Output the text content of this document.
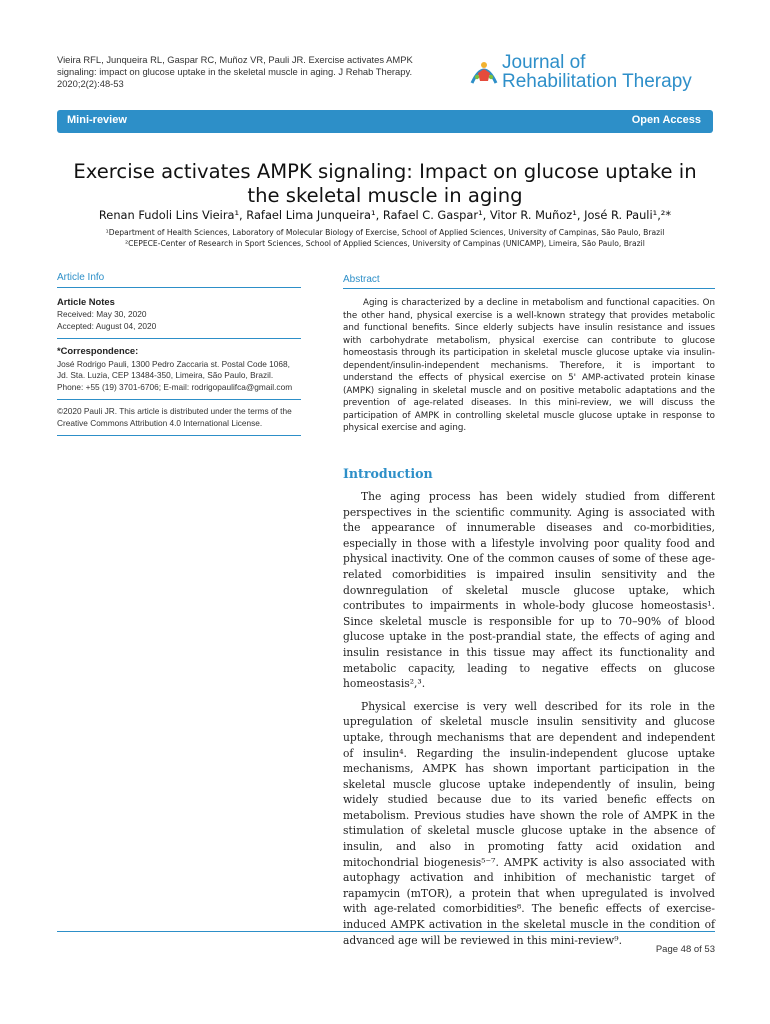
Vieira RFL, Junqueira RL, Gaspar RC, Muñoz VR, Pauli JR. Exercise activates AMPK signaling: impact on glucose uptake in the skeletal muscle in aging. J Rehab Therapy. 2020;2(2):48-53
Journal of
Rehabilitation Therapy
Mini-review	Open Access
Exercise activates AMPK signaling: Impact on glucose uptake in the skeletal muscle in aging
Renan Fudoli Lins Vieira¹, Rafael Lima Junqueira¹, Rafael C. Gaspar¹, Vitor R. Muñoz¹, José R. Pauli¹,²*
¹Department of Health Sciences, Laboratory of Molecular Biology of Exercise, School of Applied Sciences, University of Campinas, São Paulo, Brazil
²CEPECE-Center of Research in Sport Sciences, School of Applied Sciences, University of Campinas (UNICAMP), Limeira, São Paulo, Brazil
Article Info
Article Notes

Received: May 30, 2020

Accepted: August 04, 2020

*Correspondence:

José Rodrigo Pauli, 1300 Pedro Zaccaria st. Postal Code 1068, Jd. Sta. Luzia, CEP 13484-350, Limeira, São Paulo, Brazil. Phone: +55 (19) 3701-6706; E-mail: rodrigopaulifca@gmail.com

©2020 Pauli JR. This article is distributed under the terms of the Creative Commons Attribution 4.0 International License.

Abstract
Aging is characterized by a decline in metabolism and functional capacities. On the other hand, physical exercise is a well-known strategy that provides metabolic and functional benefits. Since elderly subjects have insulin resistance and issues with carbohydrate metabolism, physical exercise can contribute to glucose homeostasis through its participation in skeletal muscle glucose uptake via insulin-dependent/insulin-independent mechanisms. Therefore, it is important to understand the effects of physical exercise on 5' AMP-activated protein kinase (AMPK) signaling in skeletal muscle and on positive metabolic adaptations and the prevention of age-related diseases. In this mini-review, we will discuss the participation of AMPK in controlling skeletal muscle glucose uptake in response to physical exercise and aging.
Introduction

The aging process has been widely studied from different perspectives in the scientific community. Aging is associated with the appearance of innumerable diseases and co-morbidities, especially in those with a lifestyle involving poor quality food and physical inactivity. One of the common causes of some of these age-related comorbidities is impaired insulin sensitivity and the downregulation of skeletal muscle glucose uptake, which contributes to impairments in whole-body glucose homeostasis¹. Since skeletal muscle is responsible for up to 70–90% of blood glucose uptake in the post-prandial state, the effects of aging and insulin resistance in this tissue may affect its functionality and metabolic capacity, leading to negative effects on glucose homeostasis²,³.

Physical exercise is very well described for its role in the upregulation of skeletal muscle insulin sensitivity and glucose uptake, through mechanisms that are dependent and independent of insulin⁴. Regarding the insulin-independent glucose uptake mechanisms, AMPK has shown important participation in the skeletal muscle glucose uptake independently of insulin, being widely studied because due to its varied benefic effects on metabolism. Previous studies have shown the role of AMPK in the stimulation of skeletal muscle glucose uptake in the absence of insulin, and also in promoting fatty acid oxidation and mitochondrial biogenesis⁵⁻⁷. AMPK activity is also associated with autophagy activation and inhibition of mechanistic target of rapamycin (mTOR), a protein that when upregulated is involved with age-related comorbidities⁸. The benefic effects of exercise-induced AMPK activation in the skeletal muscle in the condition of advanced age will be reviewed in this mini-review⁹.

Page 48 of 53
